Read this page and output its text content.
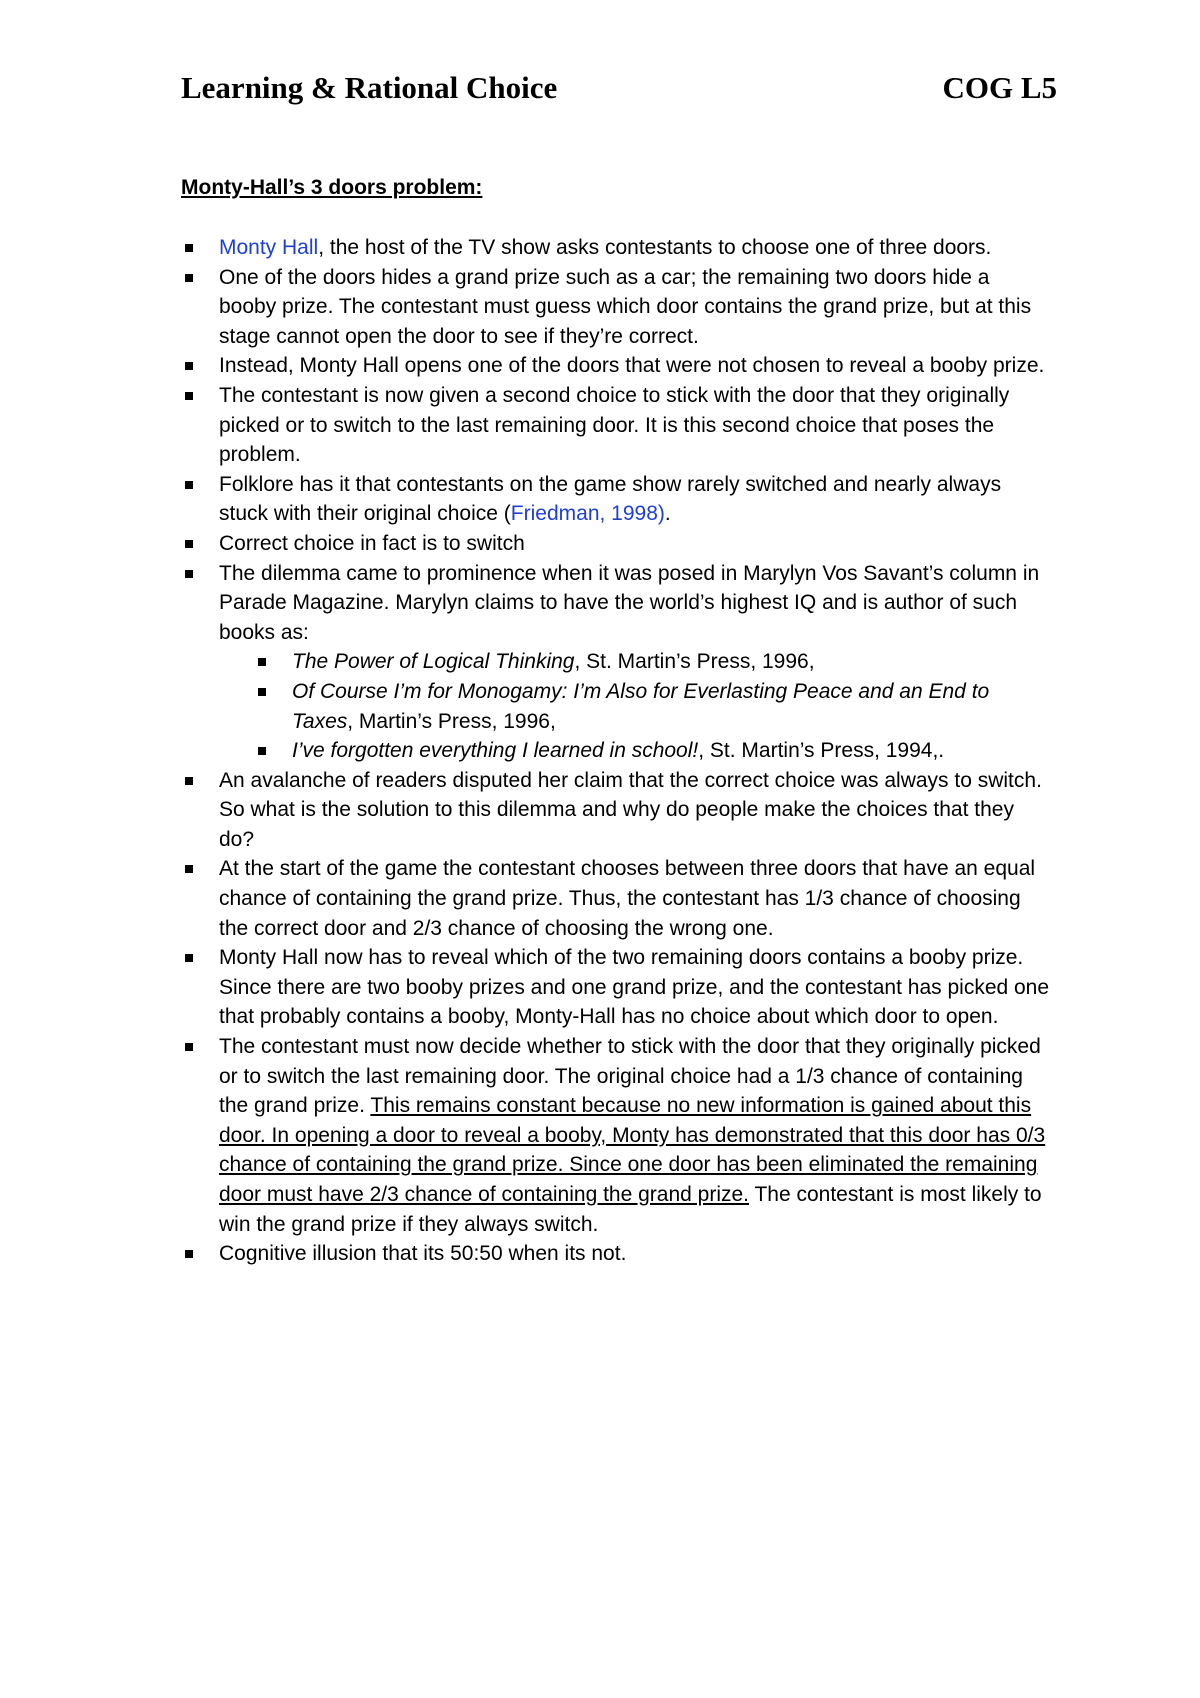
Learning & Rational Choice	COG L5
Monty-Hall’s 3 doors problem:
Monty Hall, the host of the TV show asks contestants to choose one of three doors.
One of the doors hides a grand prize such as a car; the remaining two doors hide a booby prize. The contestant must guess which door contains the grand prize, but at this stage cannot open the door to see if they’re correct.
Instead, Monty Hall opens one of the doors that were not chosen to reveal a booby prize.
The contestant is now given a second choice to stick with the door that they originally picked or to switch to the last remaining door. It is this second choice that poses the problem.
Folklore has it that contestants on the game show rarely switched and nearly always stuck with their original choice (Friedman, 1998).
Correct choice in fact is to switch
The dilemma came to prominence when it was posed in Marylyn Vos Savant’s column in Parade Magazine. Marylyn claims to have the world’s highest IQ and is author of such books as:
The Power of Logical Thinking, St. Martin’s Press, 1996,
Of Course I’m for Monogamy: I’m Also for Everlasting Peace and an End to Taxes, Martin’s Press, 1996,
I’ve forgotten everything I learned in school!, St. Martin’s Press, 1994,.
An avalanche of readers disputed her claim that the correct choice was always to switch. So what is the solution to this dilemma and why do people make the choices that they do?
At the start of the game the contestant chooses between three doors that have an equal chance of containing the grand prize. Thus, the contestant has 1/3 chance of choosing the correct door and 2/3 chance of choosing the wrong one.
Monty Hall now has to reveal which of the two remaining doors contains a booby prize. Since there are two booby prizes and one grand prize, and the contestant has picked one that probably contains a booby, Monty-Hall has no choice about which door to open.
The contestant must now decide whether to stick with the door that they originally picked or to switch the last remaining door. The original choice had a 1/3 chance of containing the grand prize. This remains constant because no new information is gained about this door. In opening a door to reveal a booby, Monty has demonstrated that this door has 0/3 chance of containing the grand prize. Since one door has been eliminated the remaining door must have 2/3 chance of containing the grand prize. The contestant is most likely to win the grand prize if they always switch.
Cognitive illusion that its 50:50 when its not.
